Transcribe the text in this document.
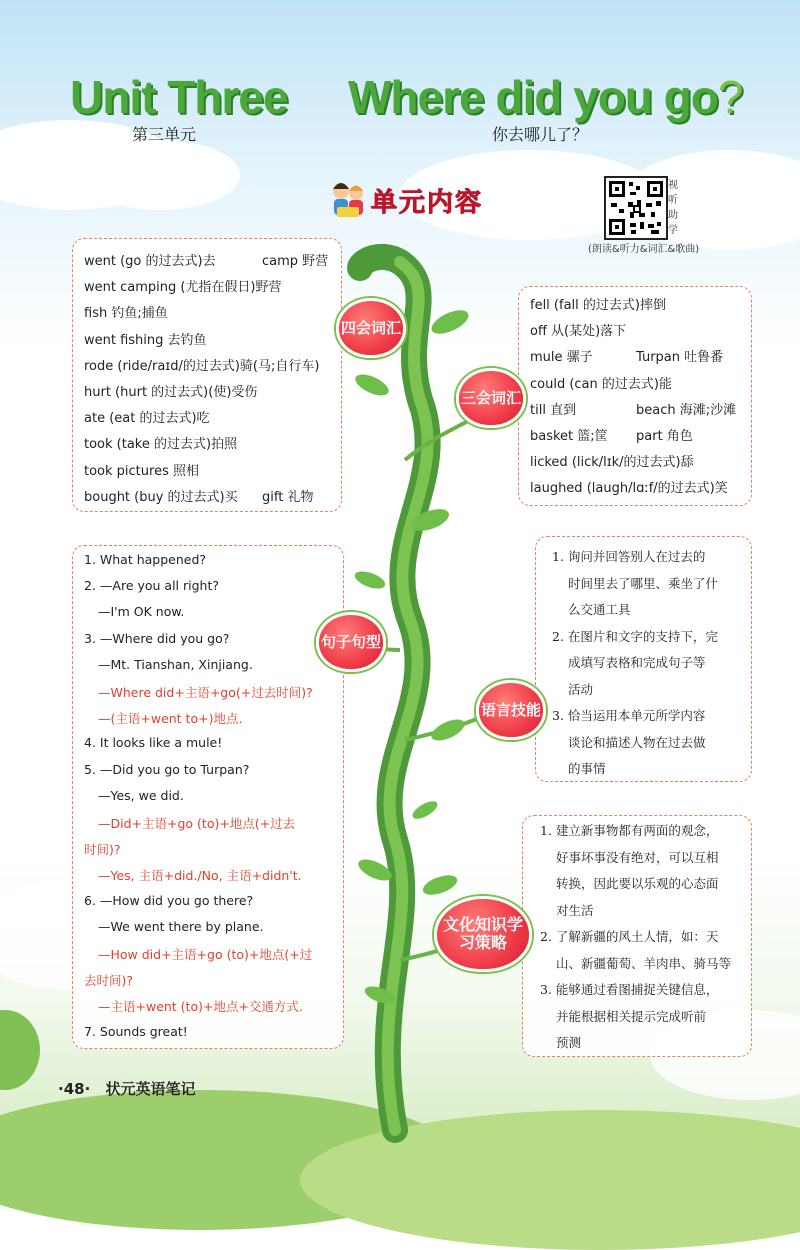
Unit Three Where did you go?
第三单元	你去哪儿了？
单元内容
视听助学
(朗读&听力&词汇&歌曲)
went (go 的过去式)去	camp 野营
went camping (尤指在假日)野营
fish 钓鱼;捕鱼
went fishing 去钓鱼
rode (ride/raɪd/的过去式)骑(马;自行车)
hurt (hurt 的过去式)(使)受伤
ate (eat 的过去式)吃
took (take 的过去式)拍照
took pictures 照相
bought (buy 的过去式)买 gift 礼物
fell (fall 的过去式)摔倒
off 从(某处)落下
mule 骡子	Turpan 吐鲁番
could (can 的过去式)能
till 直到	beach 海滩;沙滩
basket 篮;筐 part 角色
licked (lick/lɪk/的过去式)舔
laughed (laugh/lɑːf/的过去式)笑
1. What happened?
2. —Are you all right?
—I'm OK now.
3. —Where did you go?
—Mt. Tianshan, Xinjiang.
—Where did+主语+go(+过去时间)?
—(主语+went to+)地点.
4. It looks like a mule!
5. —Did you go to Turpan?
—Yes, we did.
—Did+主语+go (to)+地点(+过去
时间)?
—Yes, 主语+did./No, 主语+didn't.
6. —How did you go there?
—We went there by plane.
—How did+主语+go (to)+地点(+过
去时间)?
—主语+went (to)+地点+交通方式.
7. Sounds great!
1. 询问并回答别人在过去的
时间里去了哪里、乘坐了什
么交通工具
2. 在图片和文字的支持下，完
成填写表格和完成句子等
活动
3. 恰当运用本单元所学内容
谈论和描述人物在过去做
的事情
1. 建立新事物都有两面的观念，
好事坏事没有绝对，可以互相
转换，因此要以乐观的心态面
对生活
2. 了解新疆的风土人情，如：天
山、新疆葡萄、羊肉串、骑马等
3. 能够通过看图捕捉关键信息，
并能根据相关提示完成听前
预测
四会词汇
三会词汇
句子句型
语言技能
文化知识学习策略
·48· 状元英语笔记
